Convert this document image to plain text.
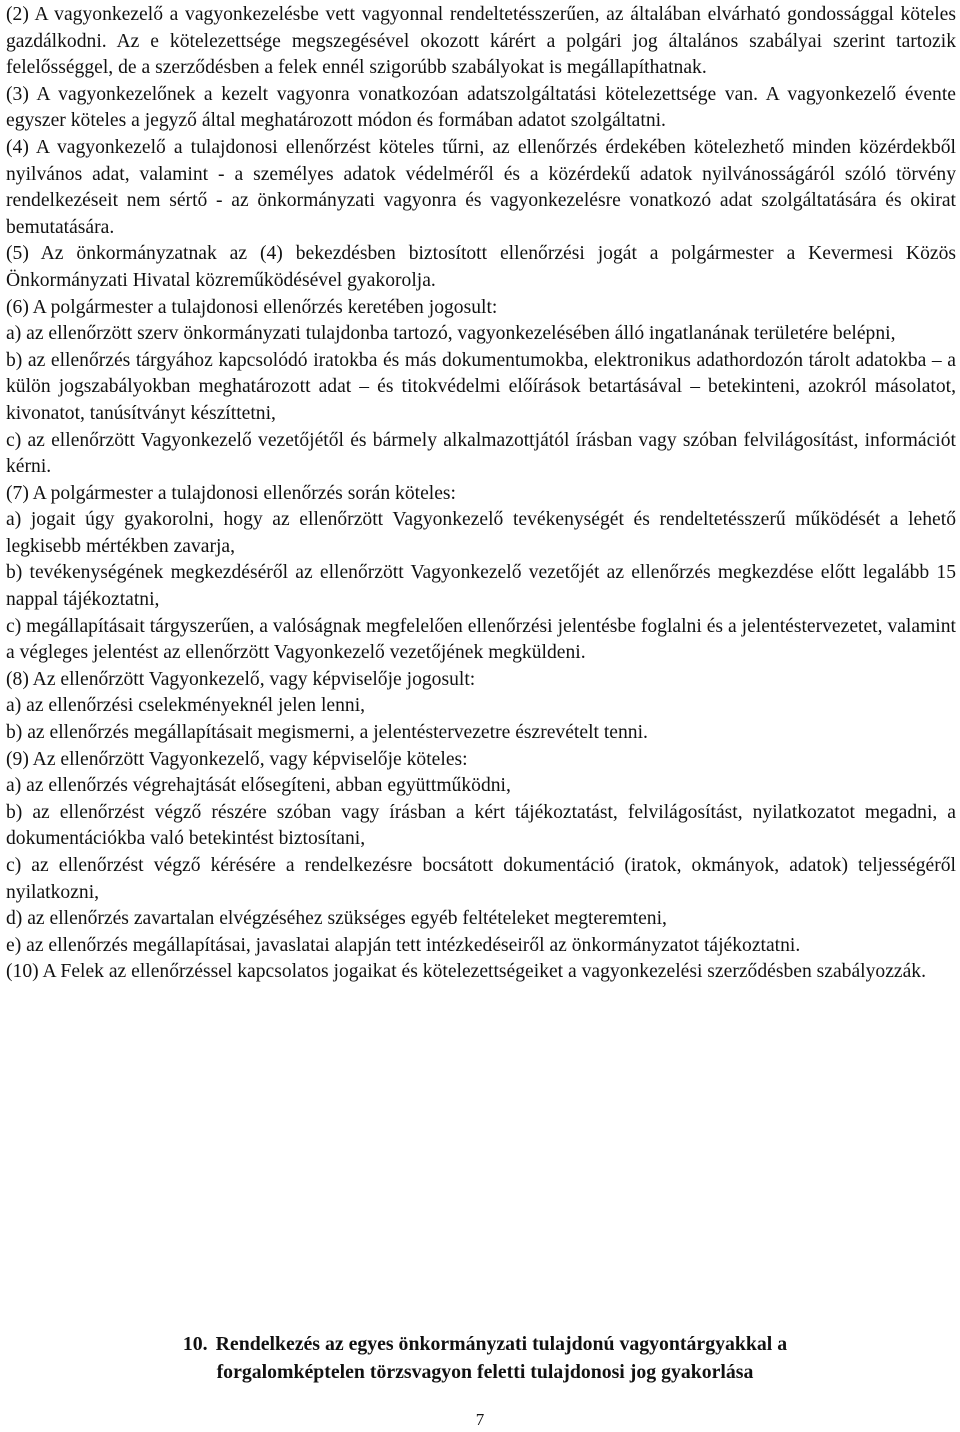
(2) A vagyonkezelő a vagyonkezelésbe vett vagyonnal rendeltetésszerűen, az általában elvárható gondossággal köteles gazdálkodni. Az e kötelezettsége megszegésével okozott kárért a polgári jog általános szabályai szerint tartozik felelősséggel, de a szerződésben a felek ennél szigorúbb szabályokat is megállapíthatnak.

(3) A vagyonkezelőnek a kezelt vagyonra vonatkozóan adatszolgáltatási kötelezettsége van. A vagyonkezelő évente egyszer köteles a jegyző által meghatározott módon és formában adatot szolgáltatni.

(4) A vagyonkezelő a tulajdonosi ellenőrzést köteles tűrni, az ellenőrzés érdekében kötelezhető minden közérdekből nyilvános adat, valamint - a személyes adatok védelméről és a közérdekű adatok nyilvánosságáról szóló törvény rendelkezéseit nem sértő - az önkormányzati vagyonra és vagyonkezelésre vonatkozó adat szolgáltatására és okirat bemutatására.

(5) Az önkormányzatnak az (4) bekezdésben biztosított ellenőrzési jogát a polgármester a Kevermesi Közös Önkormányzati Hivatal közreműködésével gyakorolja.

(6) A polgármester a tulajdonosi ellenőrzés keretében jogosult:

a) az ellenőrzött szerv önkormányzati tulajdonba tartozó, vagyonkezelésében álló ingatlanának területére belépni,

b) az ellenőrzés tárgyához kapcsolódó iratokba és más dokumentumokba, elektronikus adathordozón tárolt adatokba – a külön jogszabályokban meghatározott adat – és titokvédelmi előírások betartásával – betekinteni, azokról másolatot, kivonatot, tanúsítványt készíttetni,

c) az ellenőrzött Vagyonkezelő vezetőjétől és bármely alkalmazottjától írásban vagy szóban felvilágosítást, információt kérni.

(7) A polgármester a tulajdonosi ellenőrzés során köteles:

a) jogait úgy gyakorolni, hogy az ellenőrzött Vagyonkezelő tevékenységét és rendeltetésszerű működését a lehető legkisebb mértékben zavarja,

b) tevékenységének megkezdéséről az ellenőrzött Vagyonkezelő vezetőjét az ellenőrzés megkezdése előtt legalább 15 nappal tájékoztatni,

c) megállapításait tárgyszerűen, a valóságnak megfelelően ellenőrzési jelentésbe foglalni és a jelentéstervezetet, valamint a végleges jelentést az ellenőrzött Vagyonkezelő vezetőjének megküldeni.

(8) Az ellenőrzött Vagyonkezelő, vagy képviselője jogosult:

a) az ellenőrzési cselekményeknél jelen lenni,

b) az ellenőrzés megállapításait megismerni, a jelentéstervezetre észrevételt tenni.

(9) Az ellenőrzött Vagyonkezelő, vagy képviselője köteles:

a) az ellenőrzés végrehajtását elősegíteni, abban együttműködni,

b) az ellenőrzést végző részére szóban vagy írásban a kért tájékoztatást, felvilágosítást, nyilatkozatot megadni, a dokumentációkba való betekintést biztosítani,

c) az ellenőrzést végző kérésére a rendelkezésre bocsátott dokumentáció (iratok, okmányok, adatok) teljességéről nyilatkozni,

d) az ellenőrzés zavartalan elvégzéséhez szükséges egyéb feltételeket megteremteni,

e) az ellenőrzés megállapításai, javaslatai alapján tett intézkedéseiről az önkormányzatot tájékoztatni.

(10) A Felek az ellenőrzéssel kapcsolatos jogaikat és kötelezettségeiket a vagyonkezelési szerződésben szabályozzák.

10. Rendelkezés az egyes önkormányzati tulajdonú vagyontárgyakkal a
forgalomképtelen törzsvagyon feletti tulajdonosi jog gyakorlása
7
